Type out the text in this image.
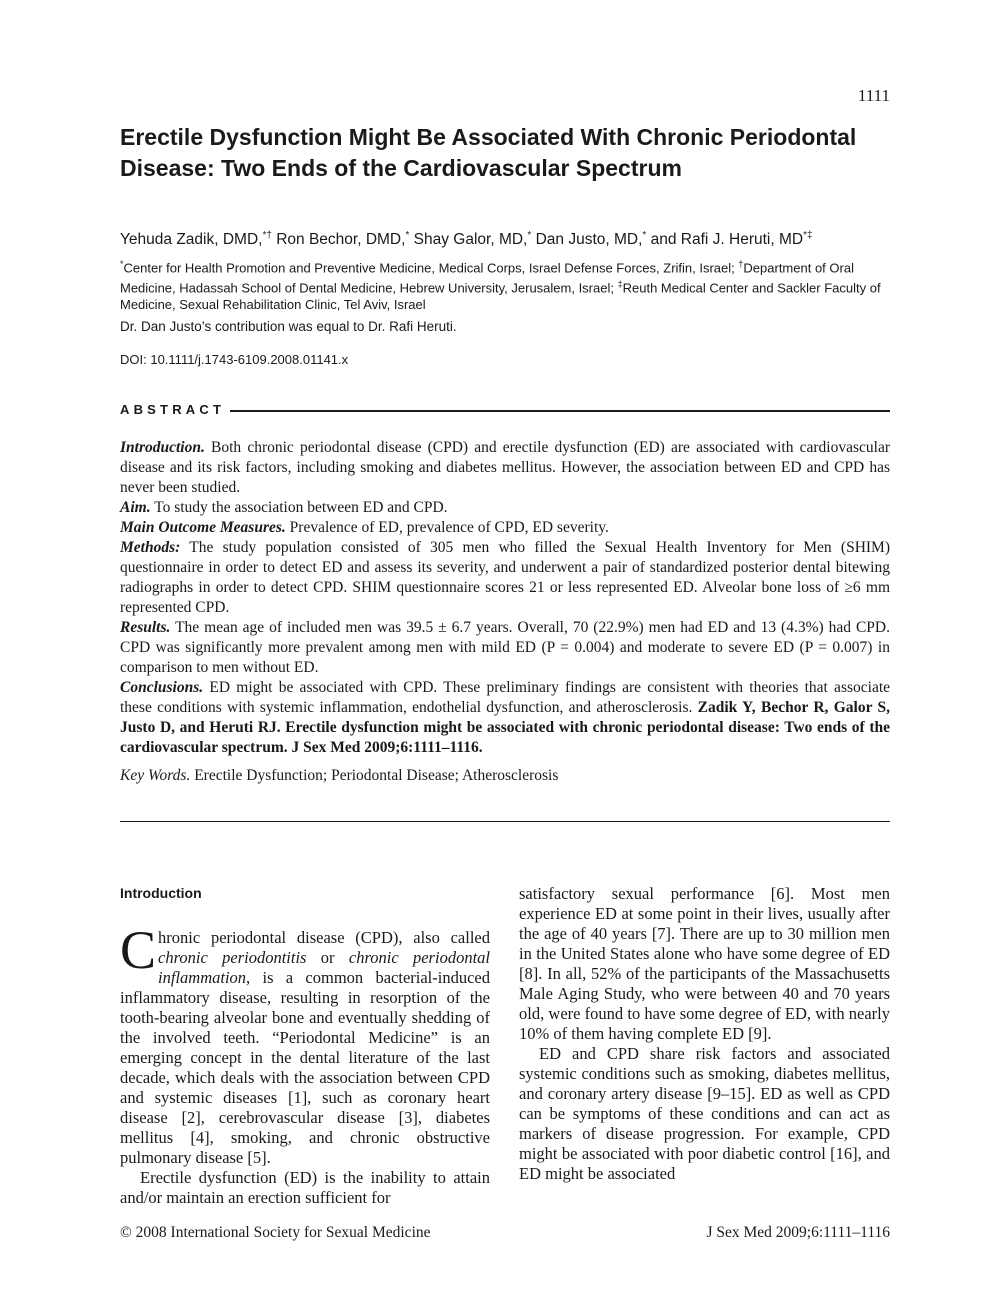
1111
Erectile Dysfunction Might Be Associated With Chronic Periodontal Disease: Two Ends of the Cardiovascular Spectrum
Yehuda Zadik, DMD,*† Ron Bechor, DMD,* Shay Galor, MD,* Dan Justo, MD,* and Rafi J. Heruti, MD*‡
*Center for Health Promotion and Preventive Medicine, Medical Corps, Israel Defense Forces, Zrifin, Israel; †Department of Oral Medicine, Hadassah School of Dental Medicine, Hebrew University, Jerusalem, Israel; ‡Reuth Medical Center and Sackler Faculty of Medicine, Sexual Rehabilitation Clinic, Tel Aviv, Israel
Dr. Dan Justo’s contribution was equal to Dr. Rafi Heruti.
DOI: 10.1111/j.1743-6109.2008.01141.x
ABSTRACT

Introduction. Both chronic periodontal disease (CPD) and erectile dysfunction (ED) are associated with cardiovascular disease and its risk factors, including smoking and diabetes mellitus. However, the association between ED and CPD has never been studied.

Aim. To study the association between ED and CPD.

Main Outcome Measures. Prevalence of ED, prevalence of CPD, ED severity.

Methods: The study population consisted of 305 men who filled the Sexual Health Inventory for Men (SHIM) questionnaire in order to detect ED and assess its severity, and underwent a pair of standardized posterior dental bitewing radiographs in order to detect CPD. SHIM questionnaire scores 21 or less represented ED. Alveolar bone loss of ≥6 mm represented CPD.

Results. The mean age of included men was 39.5 ± 6.7 years. Overall, 70 (22.9%) men had ED and 13 (4.3%) had CPD. CPD was significantly more prevalent among men with mild ED (P = 0.004) and moderate to severe ED (P = 0.007) in comparison to men without ED.

Conclusions. ED might be associated with CPD. These preliminary findings are consistent with theories that associate these conditions with systemic inflammation, endothelial dysfunction, and atherosclerosis. Zadik Y, Bechor R, Galor S, Justo D, and Heruti RJ. Erectile dysfunction might be associated with chronic periodontal disease: Two ends of the cardiovascular spectrum. J Sex Med 2009;6:1111–1116.

Key Words. Erectile Dysfunction; Periodontal Disease; Atherosclerosis
Introduction

Chronic periodontal disease (CPD), also called chronic periodontitis or chronic periodontal inflammation, is a common bacterial-induced inflammatory disease, resulting in resorption of the tooth-bearing alveolar bone and eventually shedding of the involved teeth. “Periodontal Medicine” is an emerging concept in the dental literature of the last decade, which deals with the association between CPD and systemic diseases [1], such as coronary heart disease [2], cerebrovascular disease [3], diabetes mellitus [4], smoking, and chronic obstructive pulmonary disease [5].

Erectile dysfunction (ED) is the inability to attain and/or maintain an erection sufficient for

satisfactory sexual performance [6]. Most men experience ED at some point in their lives, usually after the age of 40 years [7]. There are up to 30 million men in the United States alone who have some degree of ED [8]. In all, 52% of the participants of the Massachusetts Male Aging Study, who were between 40 and 70 years old, were found to have some degree of ED, with nearly 10% of them having complete ED [9].

ED and CPD share risk factors and associated systemic conditions such as smoking, diabetes mellitus, and coronary artery disease [9–15]. ED as well as CPD can be symptoms of these conditions and can act as markers of disease progression. For example, CPD might be associated with poor diabetic control [16], and ED might be associated

© 2008 International Society for Sexual Medicine	J Sex Med 2009;6:1111–1116
